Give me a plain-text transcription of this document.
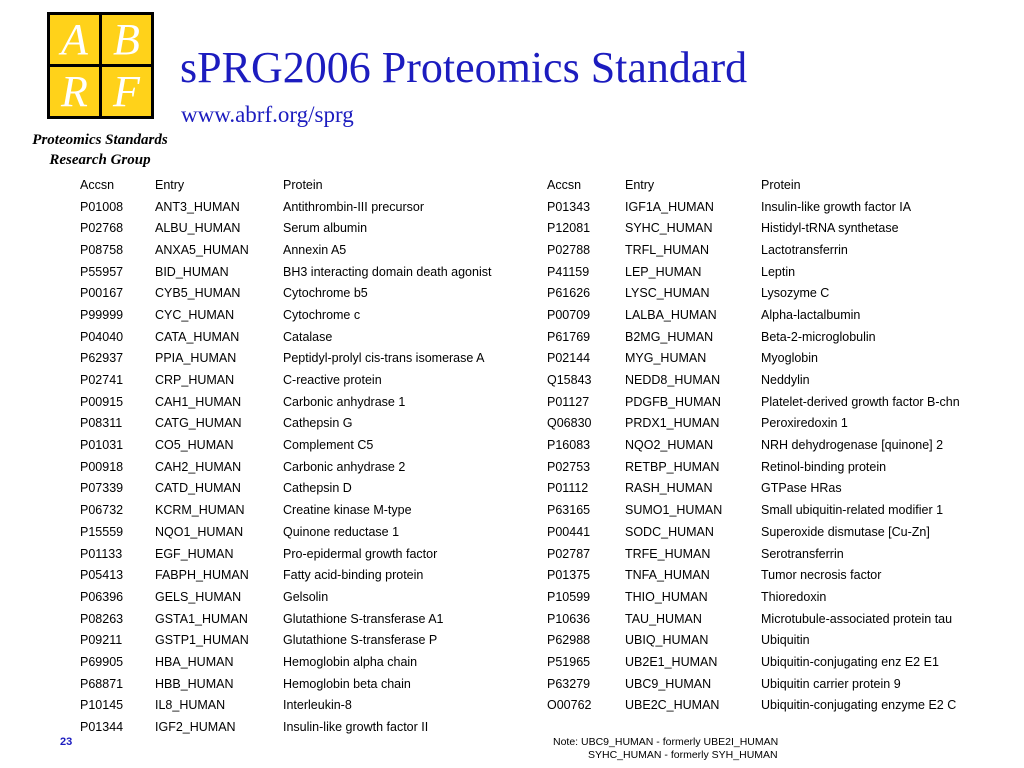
A B
R F
Proteomics Standards
Research Group
sPRG2006 Proteomics Standard
www.abrf.org/sprg
Accsn	Entry	Protein
P01008	ANT3_HUMAN	Antithrombin-III precursor
P02768	ALBU_HUMAN	Serum albumin
P08758	ANXA5_HUMAN	Annexin A5
P55957	BID_HUMAN	BH3 interacting domain death agonist
P00167	CYB5_HUMAN	Cytochrome b5
P99999	CYC_HUMAN	Cytochrome c
P04040	CATA_HUMAN	Catalase
P62937	PPIA_HUMAN	Peptidyl-prolyl cis-trans isomerase A
P02741	CRP_HUMAN	C-reactive protein
P00915	CAH1_HUMAN	Carbonic anhydrase 1
P08311	CATG_HUMAN	Cathepsin G
P01031	CO5_HUMAN	Complement C5
P00918	CAH2_HUMAN	Carbonic anhydrase 2
P07339	CATD_HUMAN	Cathepsin D
P06732	KCRM_HUMAN	Creatine kinase M-type
P15559	NQO1_HUMAN	Quinone reductase 1
P01133	EGF_HUMAN	Pro-epidermal growth factor
P05413	FABPH_HUMAN	Fatty acid-binding protein
P06396	GELS_HUMAN	Gelsolin
P08263	GSTA1_HUMAN	Glutathione S-transferase A1
P09211	GSTP1_HUMAN	Glutathione S-transferase P
P69905	HBA_HUMAN	Hemoglobin alpha chain
P68871	HBB_HUMAN	Hemoglobin beta chain
P10145	IL8_HUMAN	Interleukin-8
P01344	IGF2_HUMAN	Insulin-like growth factor II
Accsn	Entry	Protein
P01343	IGF1A_HUMAN	Insulin-like growth factor IA
P12081	SYHC_HUMAN	Histidyl-tRNA synthetase
P02788	TRFL_HUMAN	Lactotransferrin
P41159	LEP_HUMAN	Leptin
P61626	LYSC_HUMAN	Lysozyme C
P00709	LALBA_HUMAN	Alpha-lactalbumin
P61769	B2MG_HUMAN	Beta-2-microglobulin
P02144	MYG_HUMAN	Myoglobin
Q15843	NEDD8_HUMAN	Neddylin
P01127	PDGFB_HUMAN	Platelet-derived growth factor B-chn
Q06830	PRDX1_HUMAN	Peroxiredoxin 1
P16083	NQO2_HUMAN	NRH dehydrogenase [quinone] 2
P02753	RETBP_HUMAN	Retinol-binding protein
P01112	RASH_HUMAN	GTPase HRas
P63165	SUMO1_HUMAN	Small ubiquitin-related modifier 1
P00441	SODC_HUMAN	Superoxide dismutase [Cu-Zn]
P02787	TRFE_HUMAN	Serotransferrin
P01375	TNFA_HUMAN	Tumor necrosis factor
P10599	THIO_HUMAN	Thioredoxin
P10636	TAU_HUMAN	Microtubule-associated protein tau
P62988	UBIQ_HUMAN	Ubiquitin
P51965	UB2E1_HUMAN	Ubiquitin-conjugating enz E2 E1
P63279	UBC9_HUMAN	Ubiquitin carrier protein 9
O00762	UBE2C_HUMAN	Ubiquitin-conjugating enzyme E2 C
23	Note: UBC9_HUMAN - formerly UBE2I_HUMAN
SYHC_HUMAN - formerly SYH_HUMAN
